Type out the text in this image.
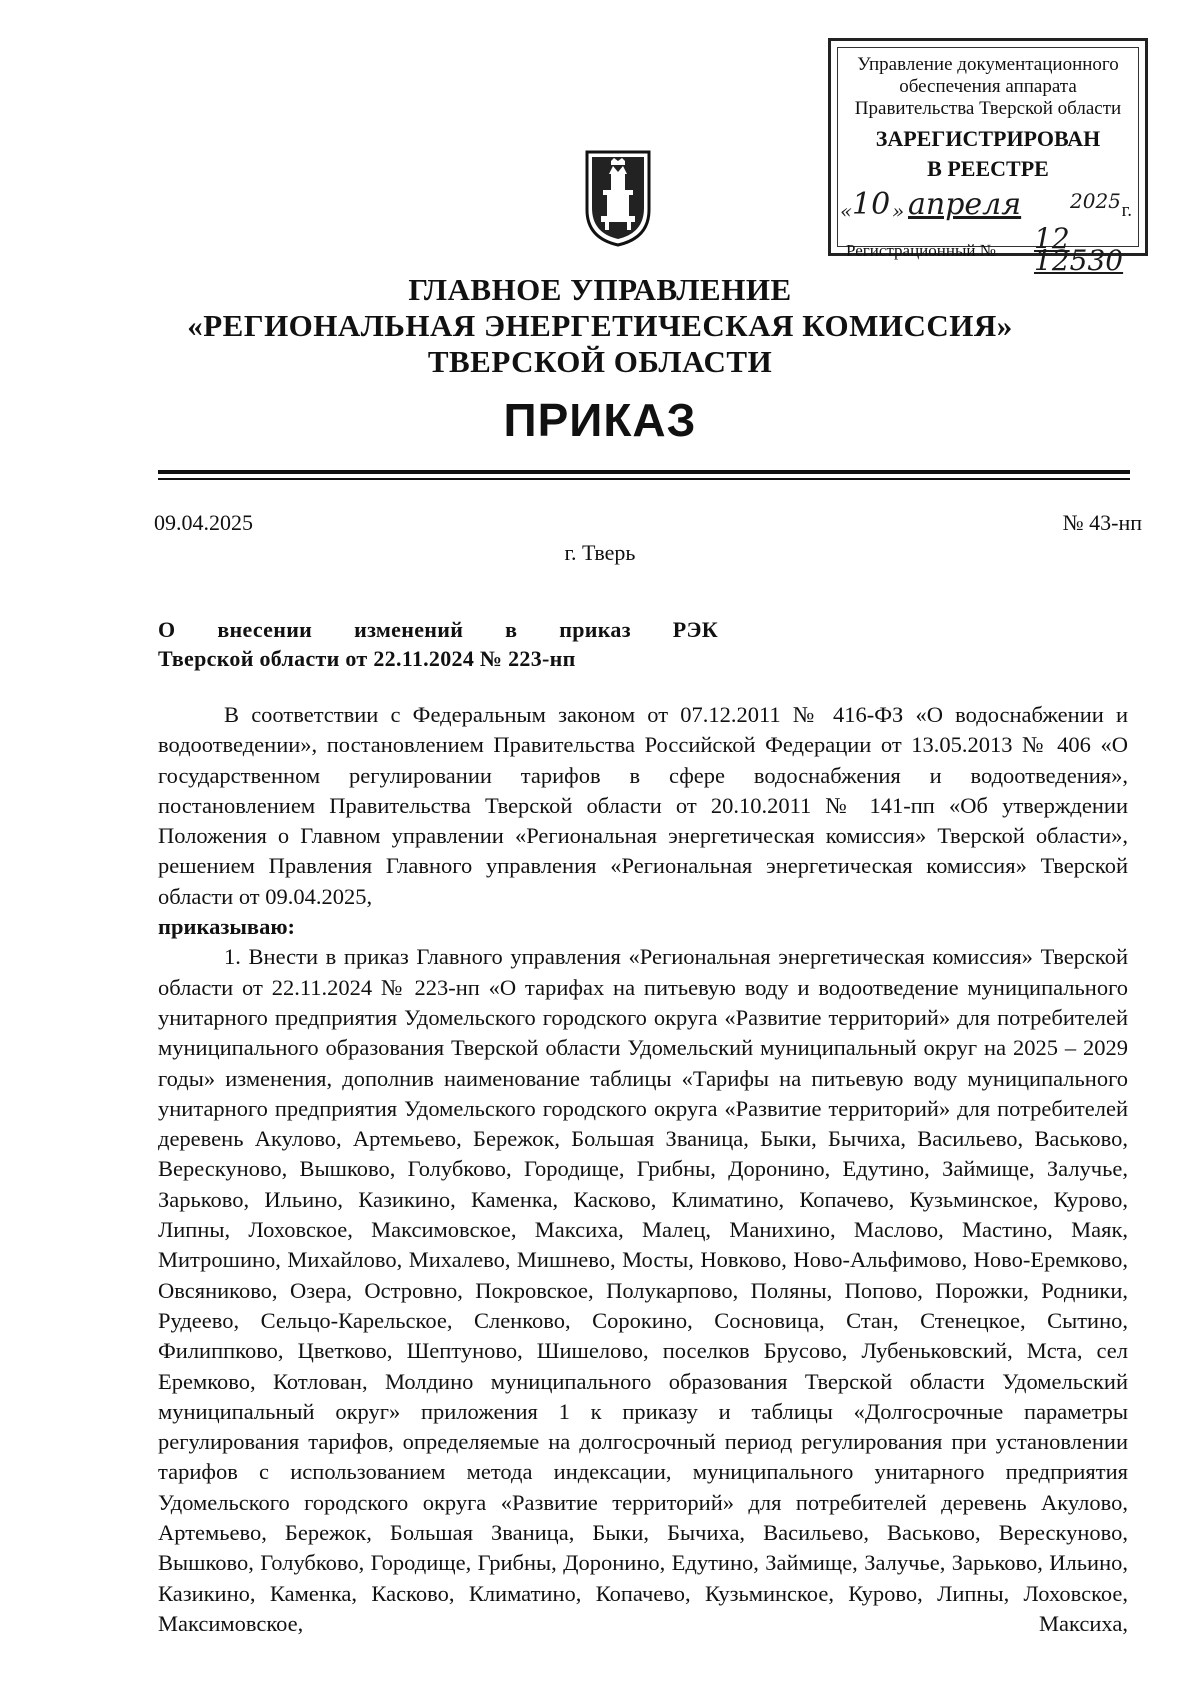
Управление документационного
обеспечения аппарата
Правительства Тверской области
ЗАРЕГИСТРИРОВАН
В РЕЕСТРЕ
« 10 » апреля 2025 г.
Регистрационный № 12 12530
ГЛАВНОЕ УПРАВЛЕНИЕ
«РЕГИОНАЛЬНАЯ ЭНЕРГЕТИЧЕСКАЯ КОМИССИЯ»
ТВЕРСКОЙ ОБЛАСТИ
ПРИКАЗ
09.04.2025	№ 43-нп
г. Тверь
О внесении изменений в приказ РЭК
Тверской области от 22.11.2024 № 223-нп

В соответствии с Федеральным законом от 07.12.2011 № 416-ФЗ «О водоснабжении и водоотведении», постановлением Правительства Российской Федерации от 13.05.2013 № 406 «О государственном регулировании тарифов в сфере водоснабжения и водоотведения», постановлением Правительства Тверской области от 20.10.2011 № 141-пп «Об утверждении Положения о Главном управлении «Региональная энергетическая комиссия» Тверской области», решением Правления Главного управления «Региональная энергетическая комиссия» Тверской области от 09.04.2025,

приказываю:

1. Внести в приказ Главного управления «Региональная энергетическая комиссия» Тверской области от 22.11.2024 № 223-нп «О тарифах на питьевую воду и водоотведение муниципального унитарного предприятия Удомельского городского округа «Развитие территорий» для потребителей муниципального образования Тверской области Удомельский муниципальный округ на 2025 – 2029 годы» изменения, дополнив наименование таблицы «Тарифы на питьевую воду муниципального унитарного предприятия Удомельского городского округа «Развитие территорий» для потребителей деревень Акулово, Артемьево, Бережок, Большая Званица, Быки, Бычиха, Васильево, Васьково, Верескуново, Вышково, Голубково, Городище, Грибны, Доронино, Едутино, Займище, Залучье, Зарьково, Ильино, Казикино, Каменка, Касково, Климатино, Копачево, Кузьминское, Курово, Липны, Лоховское, Максимовское, Максиха, Малец, Манихино, Маслово, Мастино, Маяк, Митрошино, Михайлово, Михалево, Мишнево, Мосты, Новково, Ново-Альфимово, Ново-Еремково, Овсяниково, Озера, Островно, Покровское, Полукарпово, Поляны, Попово, Порожки, Родники, Рудеево, Сельцо-Карельское, Сленково, Сорокино, Сосновица, Стан, Стенецкое, Сытино, Филиппково, Цветково, Шептуново, Шишелово, поселков Брусово, Лубеньковский, Мста, сел Еремково, Котлован, Молдино муниципального образования Тверской области Удомельский муниципальный округ» приложения 1 к приказу и таблицы «Долгосрочные параметры регулирования тарифов, определяемые на долгосрочный период регулирования при установлении тарифов с использованием метода индексации, муниципального унитарного предприятия Удомельского городского округа «Развитие территорий» для потребителей деревень Акулово, Артемьево, Бережок, Большая Званица, Быки, Бычиха, Васильево, Васьково, Верескуново, Вышково, Голубково, Городище, Грибны, Доронино, Едутино, Займище, Залучье, Зарьково, Ильино, Казикино, Каменка, Касково, Климатино, Копачево, Кузьминское, Курово, Липны, Лоховское, Максимовское, Максиха,
